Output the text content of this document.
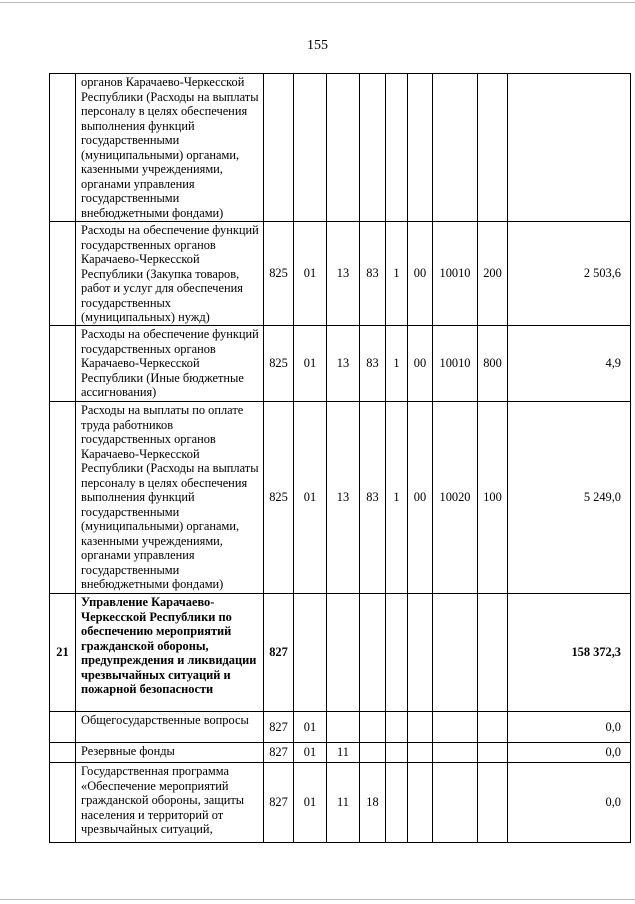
155
	органов Карачаево-Черкесской Республики (Расходы на выплаты персоналу в целях обеспечения выполнения функций государственными (муниципальными) органами, казенными учреждениями, органами управления государственными внебюджетными фондами)									
	Расходы на обеспечение функций государственных органов Карачаево-Черкесской Республики (Закупка товаров, работ и услуг для обеспечения государственных (муниципальных) нужд)	825	01	13	83	1	00	10010	200	2 503,6
	Расходы на обеспечение функций государственных органов Карачаево-Черкесской Республики (Иные бюджетные ассигнования)	825	01	13	83	1	00	10010	800	4,9
	Расходы на выплаты по оплате труда работников государственных органов Карачаево-Черкесской Республики (Расходы на выплаты персоналу в целях обеспечения выполнения функций государственными (муниципальными) органами, казенными учреждениями, органами управления государственными внебюджетными фондами)	825	01	13	83	1	00	10020	100	5 249,0
21	Управление Карачаево-Черкесской Республики по обеспечению мероприятий гражданской обороны, предупреждения и ликвидации чрезвычайных ситуаций и пожарной безопасности	827								158 372,3
	Общегосударственные вопросы	827	01							0,0
	Резервные фонды	827	01	11						0,0
	Государственная программа «Обеспечение мероприятий гражданской обороны, защиты населения и территорий от чрезвычайных ситуаций,	827	01	11	18					0,0
